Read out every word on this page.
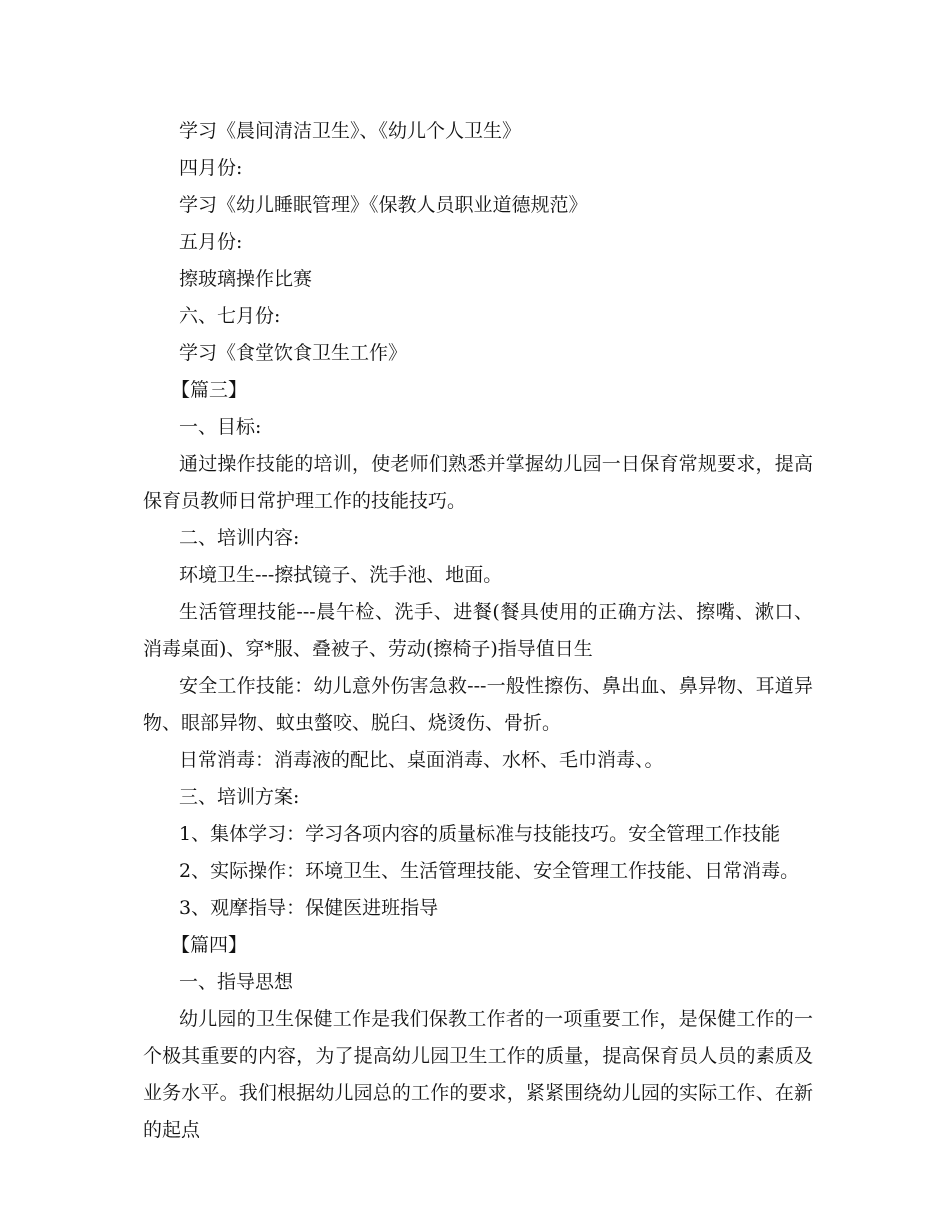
学习《晨间清洁卫生》、《幼儿个人卫生》

四月份:

学习《幼儿睡眠管理》《保教人员职业道德规范》

五月份:

擦玻璃操作比赛

六、七月份:

学习《食堂饮食卫生工作》

【篇三】

一、目标:

通过操作技能的培训，使老师们熟悉并掌握幼儿园一日保育常规要求，提高保育员教师日常护理工作的技能技巧。

二、培训内容:

环境卫生---擦拭镜子、洗手池、地面。

生活管理技能---晨午检、洗手、进餐(餐具使用的正确方法、擦嘴、漱口、消毒桌面)、穿*服、叠被子、劳动(擦椅子)指导值日生

安全工作技能：幼儿意外伤害急救---一般性擦伤、鼻出血、鼻异物、耳道异物、眼部异物、蚊虫螫咬、脱臼、烧烫伤、骨折。

日常消毒：消毒液的配比、桌面消毒、水杯、毛巾消毒、。

三、培训方案:

1、集体学习：学习各项内容的质量标准与技能技巧。安全管理工作技能

2、实际操作：环境卫生、生活管理技能、安全管理工作技能、日常消毒。

3、观摩指导：保健医进班指导

【篇四】

一、指导思想

幼儿园的卫生保健工作是我们保教工作者的一项重要工作，是保健工作的一个极其重要的内容，为了提高幼儿园卫生工作的质量，提高保育员人员的素质及业务水平。我们根据幼儿园总的工作的要求，紧紧围绕幼儿园的实际工作、在新的起点
